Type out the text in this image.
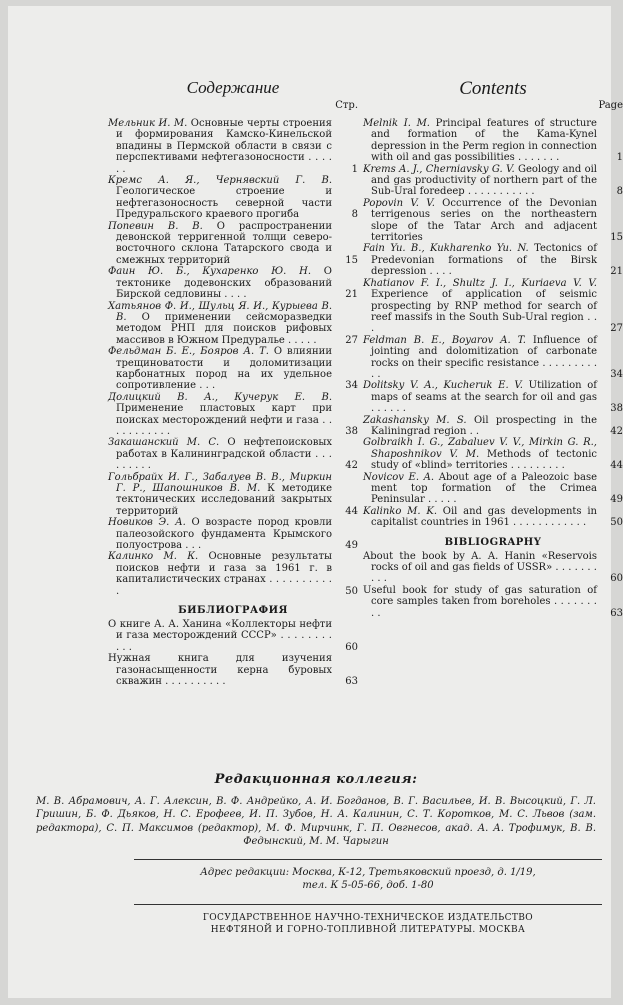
Содержание
Стр.
Мельник И. М. Основные черты строения и формирования Камско-Кинельской впадины в Пермской области в связи с перспективами нефтегазоносности . . . . . .	1
Кремс А. Я., Чернявский Г. В. Геологическое строение и нефтегазоносность северной части Предуральского краевого прогиба	8
Попевин В. В. О распространении девонской терригенной толщи северо-восточного склона Татарского свода и смежных территорий	15
Фаин Ю. Б., Кухаренко Ю. Н. О тектонике додевонских образований Бирской седловины . . . .	21
Хатьянов Ф. И., Шульц Я. И., Курыева В. В. О применении сейсморазведки методом РНП для поисков рифовых массивов в Южном Предуралье . . . . .	27
Фельдман Б. Е., Бояров А. Т. О влиянии трещиноватости и доломитизации карбонатных пород на их удельное сопротивление . . .	34
Долицкий В. А., Кучерук Е. В. Применение пластовых карт при поисках месторождений нефти и газа . . . . . . . . . . .	38
Закашанский М. С. О нефтепоисковых работах в Калининградской области . . . . . . . . .	42
Гольбрайх И. Г., Забалуев В. В., Миркин Г. Р., Шапошников В. М. К методике тектонических исследований закрытых территорий	44
Новиков Э. А. О возрасте пород кровли палеозойского фундамента Крымского полуострова . . .	49
Калинко М. К. Основные результаты поисков нефти и газа за 1961 г. в капиталистических странах . . . . . . . . . . .	50
БИБЛИОГРАФИЯ
О книге А. А. Ханина «Коллекторы нефти и газа месторождений СССР» . . . . . . . . . . .	60
Нужная книга для изучения газонасыщенности керна буровых скважин . . . . . . . . . .	63
Contents
Page
Melnik I. M. Principal features of structure and formation of the Kama-Kynel depression in the Perm region in connection with oil and gas possibilities . . . . . . .	1
Krems A. J., Cherniavsky G. V. Geology and oil and gas productivity of northern part of the Sub-Ural foredeep . . . . . . . . . . .	8
Popovin V. V. Occurrence of the Devonian terrigenous series on the northeastern slope of the Tatar Arch and adjacent territories	15
Fain Yu. B., Kukharenko Yu. N. Tectonics of Predevonian formations of the Birsk depression . . . .	21
Khatianov F. I., Shultz J. I., Kuriaeva V. V. Experience of application of seismic prospecting by RNP method for search of reef massifs in the South Sub-Ural region . . .	27
Feldman B. E., Boyarov A. T. Influence of jointing and dolomitization of carbonate rocks on their specific resistance . . . . . . . . . . .	34
Dolitsky V. A., Kucheruk E. V. Utilization of maps of seams at the search for oil and gas . . . . . .	38
Zakashansky M. S. Oil prospecting in the Kaliningrad region . .	42
Golbraikh I. G., Zabaluev V. V., Mirkin G. R., Shaposhnikov V. M. Methods of tectonic study of «blind» territories . . . . . . . . .	44
Novicov E. A. About age of a Paleozoic base ment top formation of the Crimea Peninsular . . . . .	49
Kalinko M. K. Oil and gas developments in capitalist countries in 1961 . . . . . . . . . . . .	50
BIBLIOGRAPHY
About the book by A. A. Hanin «Reservois rocks of oil and gas fields of USSR» . . . . . . . . . .	60
Useful book for study of gas saturation of core samples taken from boreholes . . . . . . . . .	63
Редакционная коллегия:
М. В. Абрамович, А. Г. Алексин, В. Ф. Андрейко, А. И. Богданов, В. Г. Васильев, И. В. Высоцкий, Г. Л. Гришин, Б. Ф. Дьяков, Н. С. Ерофеев, И. П. Зубов, Н. А. Калинин, С. Т. Коротков, М. С. Львов (зам. редактора), С. П. Максимов (редактор), М. Ф. Мирчинк, Г. П. Овгнесов, акад. А. А. Трофимук, В. В. Федынский, М. М. Чарыгин
Адрес редакции: Москва, К-12, Третьяковский проезд, д. 1/19,
тел. К 5-05-66, доб. 1-80
ГОСУДАРСТВЕННОЕ НАУЧНО-ТЕХНИЧЕСКОЕ ИЗДАТЕЛЬСТВО
НЕФТЯНОЙ И ГОРНО-ТОПЛИВНОЙ ЛИТЕРАТУРЫ. МОСКВА
